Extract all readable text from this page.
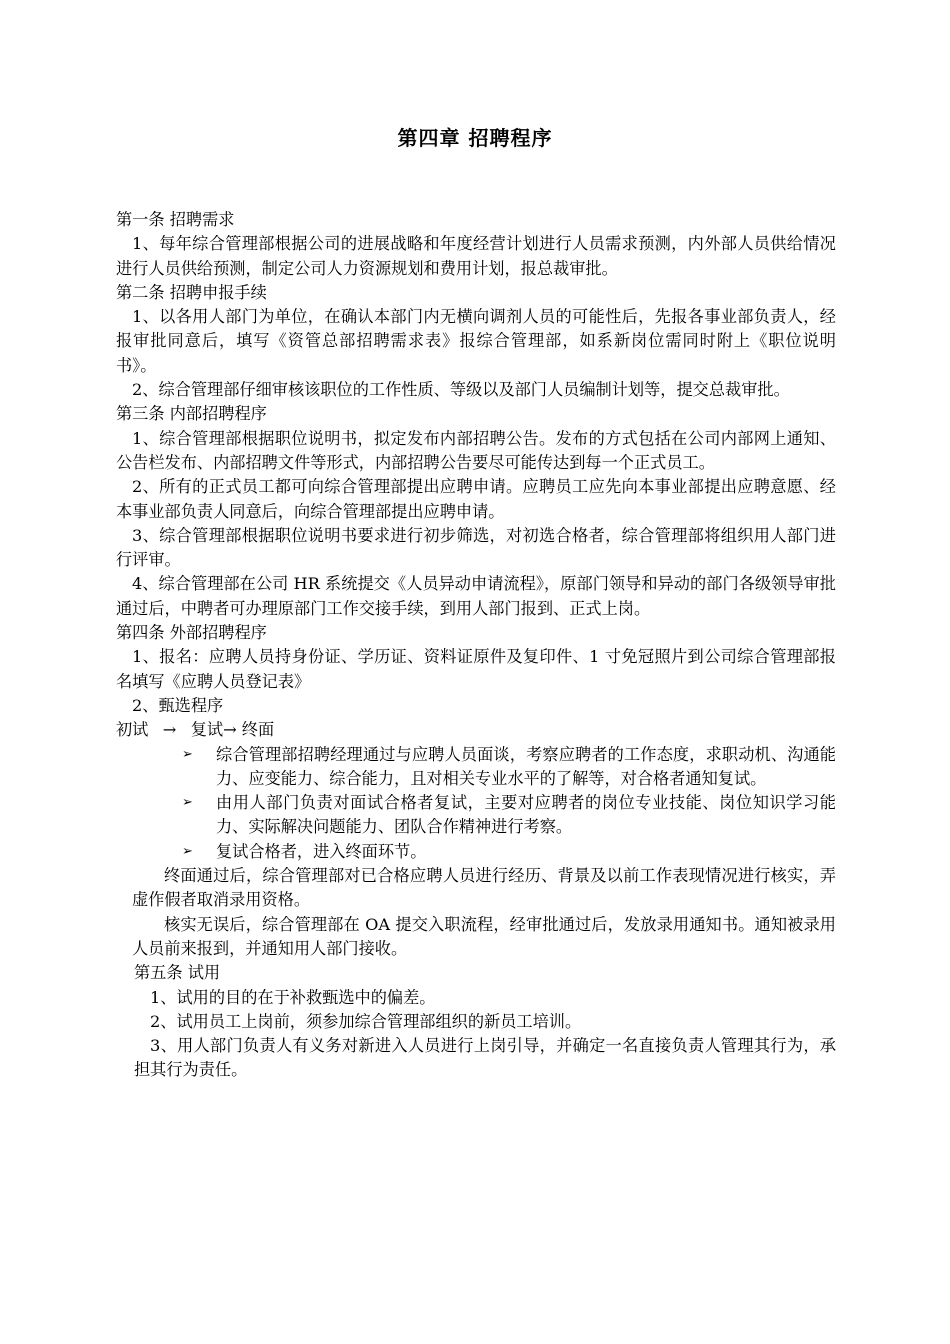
第四章 招聘程序

第一条 招聘需求

1、每年综合管理部根据公司的进展战略和年度经营计划进行人员需求预测，内外部人员供给情况进行人员供给预测，制定公司人力资源规划和费用计划，报总裁审批。

第二条 招聘申报手续

1、以各用人部门为单位，在确认本部门内无横向调剂人员的可能性后，先报各事业部负责人，经报审批同意后，填写《资管总部招聘需求表》报综合管理部，如系新岗位需同时附上《职位说明书》。

2、综合管理部仔细审核该职位的工作性质、等级以及部门人员编制计划等，提交总裁审批。

第三条 内部招聘程序

1、综合管理部根据职位说明书，拟定发布内部招聘公告。发布的方式包括在公司内部网上通知、公告栏发布、内部招聘文件等形式，内部招聘公告要尽可能传达到每一个正式员工。

2、所有的正式员工都可向综合管理部提出应聘申请。应聘员工应先向本事业部提出应聘意愿、经本事业部负责人同意后，向综合管理部提出应聘申请。

3、综合管理部根据职位说明书要求进行初步筛选，对初选合格者，综合管理部将组织用人部门进行评审。

4、综合管理部在公司 HR 系统提交《人员异动申请流程》，原部门领导和异动的部门各级领导审批通过后，中聘者可办理原部门工作交接手续，到用人部门报到、正式上岗。

第四条 外部招聘程序

1、报名：应聘人员持身份证、学历证、资料证原件及复印件、1 寸免冠照片到公司综合管理部报名填写《应聘人员登记表》

2、甄选程序

初试 → 复试→ 终面

➢ 综合管理部招聘经理通过与应聘人员面谈，考察应聘者的工作态度，求职动机、沟通能力、应变能力、综合能力，且对相关专业水平的了解等，对合格者通知复试。
➢ 由用人部门负责对面试合格者复试，主要对应聘者的岗位专业技能、岗位知识学习能力、实际解决问题能力、团队合作精神进行考察。
➢ 复试合格者，进入终面环节。

终面通过后，综合管理部对已合格应聘人员进行经历、背景及以前工作表现情况进行核实，弄虚作假者取消录用资格。

核实无误后，综合管理部在 OA 提交入职流程，经审批通过后，发放录用通知书。通知被录用人员前来报到，并通知用人部门接收。

第五条 试用

1、试用的目的在于补救甄选中的偏差。

2、试用员工上岗前，须参加综合管理部组织的新员工培训。

3、用人部门负责人有义务对新进入人员进行上岗引导，并确定一名直接负责人管理其行为，承担其行为责任。
